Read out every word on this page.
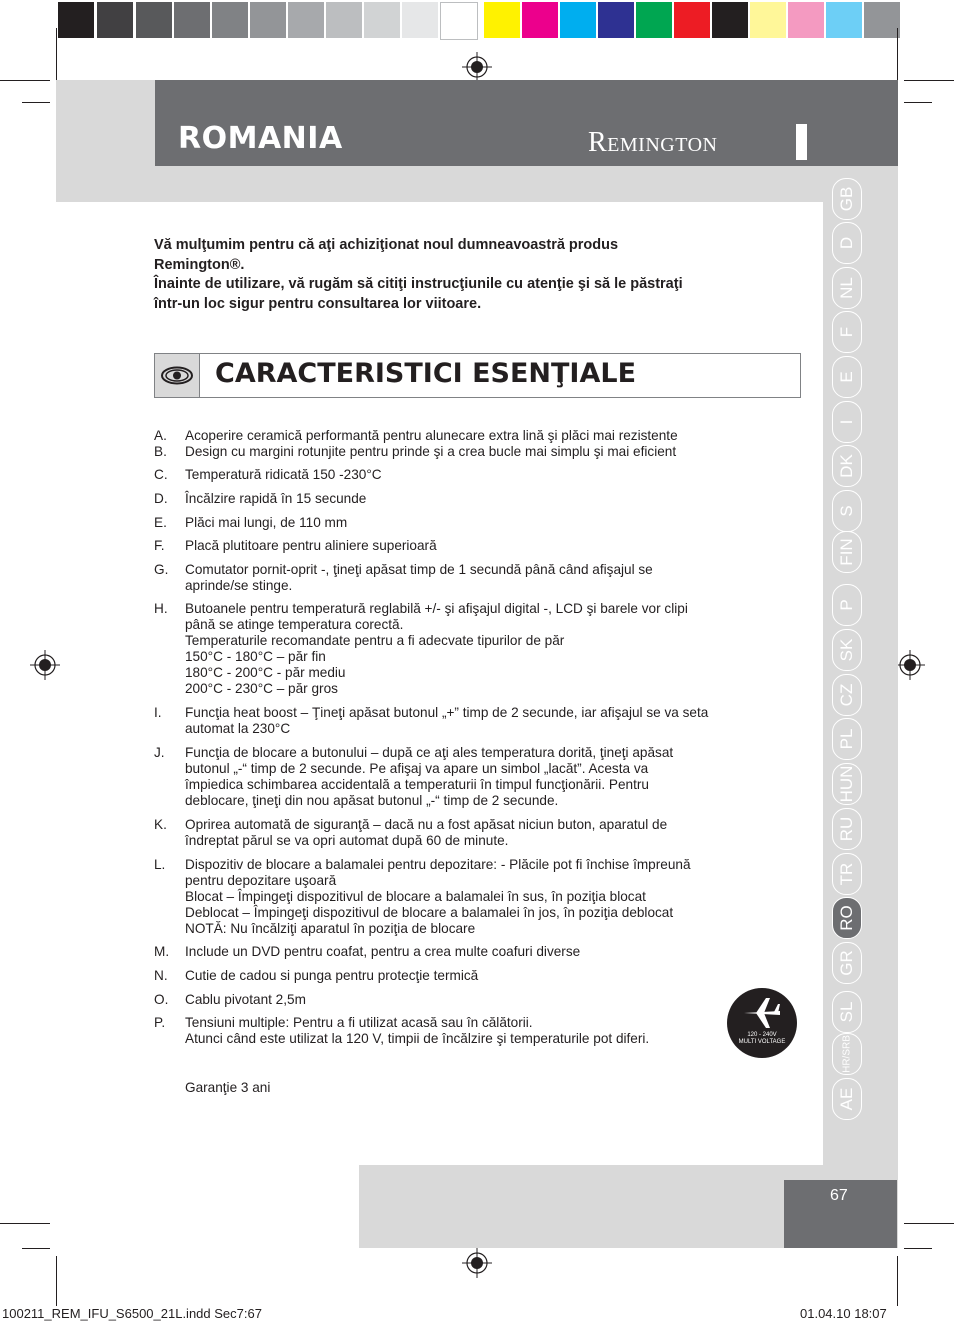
ROMANIA	Remington

Vă mulţumim pentru că aţi achiziţionat noul dumneavoastră produs

Remington®.

Înainte de utilizare, vă rugăm să citiţi instrucţiunile cu atenţie şi să le păstraţi

într-un loc sigur pentru consultarea lor viitoare.

CARACTERISTICI ESENŢIALE
A. Acoperire ceramică performantă pentru alunecare extra lină şi plăci mai rezistente
B. Design cu margini rotunjite pentru prinde şi a crea bucle mai simplu şi mai eficient
C. Temperatură ridicată 150 -230°C
D. Încălzire rapidă în 15 secunde
E. Plăci mai lungi, de 110 mm
F. Placă plutitoare pentru aliniere superioară
G. Comutator pornit-oprit -, ţineţi apăsat timp de 1 secundă până când afişajul se
aprinde/se stinge.
H. Butoanele pentru temperatură reglabilă +/- şi afişajul digital -, LCD şi barele vor clipi
până se atinge temperatura corectă.
Temperaturile recomandate pentru a fi adecvate tipurilor de păr
150°C - 180°C – păr fin
180°C - 200°C - păr mediu
200°C - 230°C – păr gros
I. Funcţia heat boost – Ţineţi apăsat butonul „+” timp de 2 secunde, iar afişajul se va seta
automat la 230°C
J. Funcţia de blocare a butonului – după ce aţi ales temperatura dorită, ţineţi apăsat
butonul „-“ timp de 2 secunde. Pe afişaj va apare un simbol „lacăt”. Acesta va
împiedica schimbarea accidentală a temperaturii în timpul funcţionării. Pentru
deblocare, ţineţi din nou apăsat butonul „-“ timp de 2 secunde.
K. Oprirea automată de siguranţă – dacă nu a fost apăsat niciun buton, aparatul de
îndreptat părul se va opri automat după 60 de minute.
L. Dispozitiv de blocare a balamalei pentru depozitare: - Plăcile pot fi închise împreună
pentru depozitare uşoară
Blocat – Împingeţi dispozitivul de blocare a balamalei în sus, în poziţia blocat
Deblocat – Împingeţi dispozitivul de blocare a balamalei în jos, în poziţia deblocat
NOTĂ: Nu încălziţi aparatul în poziţia de blocare
M. Include un DVD pentru coafat, pentru a crea multe coafuri diverse
N. Cutie de cadou si punga pentru protecţie termică
O. Cablu pivotant 2,5m
P. Tensiuni multiple: Pentru a fi utilizat acasă sau în călătorii.
Atunci când este utilizat la 120 V, timpii de încălzire şi temperaturile pot diferi.
Garanţie 3 ani
120 - 240V
MULTI VOLTAGE
GB
D
NL
F
E
I
DK
S
FIN
P
SK
CZ
PL
HUN
RU
TR
RO
GR
SL
HR/SRB
AE
67
100211_REM_IFU_S6500_21L.indd Sec7:67	01.04.10 18:07
